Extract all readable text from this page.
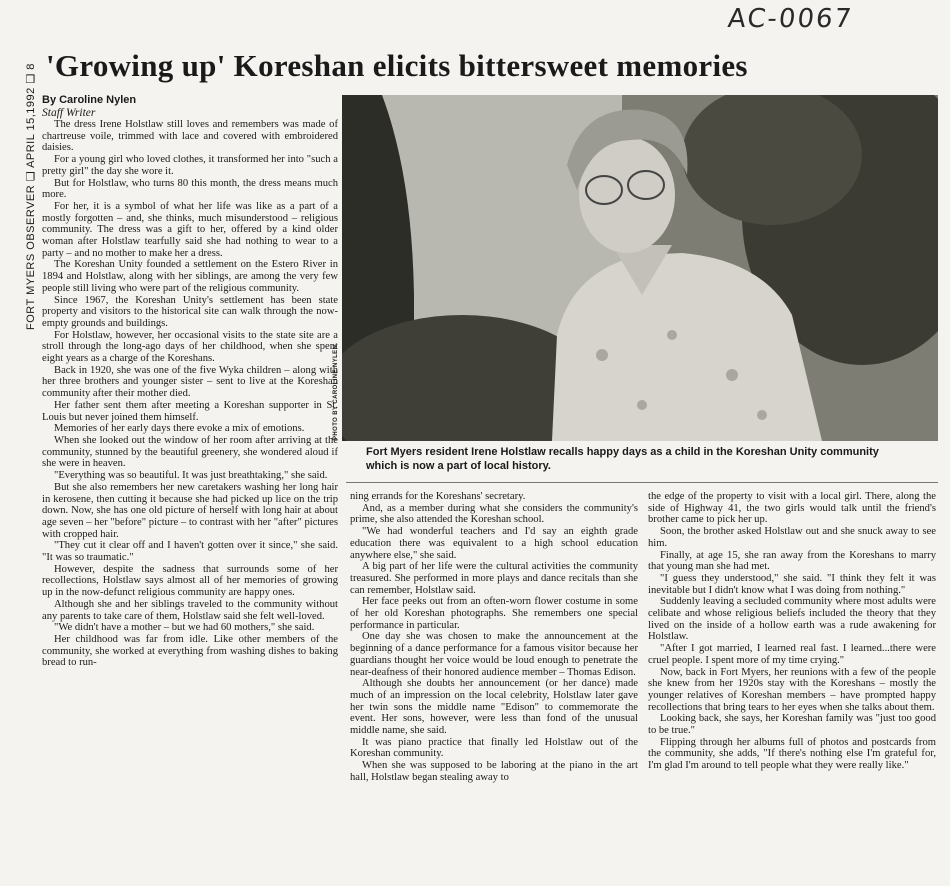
AC-0067
FORT MYERS OBSERVER ❑ APRIL 15,1992 ❑ 8 'Growing up' Koreshan elicits bittersweet memories
By Caroline Nylen
Staff Writer
PHOTO BY CAROLINE NYLEN
Fort Myers resident Irene Holstlaw recalls happy days as a child in the Koreshan Unity community which is now a part of local history.

The dress Irene Holstlaw still loves and remembers was made of chartreuse voile, trimmed with lace and covered with embroidered daisies.

For a young girl who loved clothes, it transformed her into "such a pretty girl" the day she wore it.

But for Holstlaw, who turns 80 this month, the dress means much more.

For her, it is a symbol of what her life was like as a part of a mostly forgotten – and, she thinks, much misunderstood – religious community. The dress was a gift to her, offered by a kind older woman after Holstlaw tearfully said she had nothing to wear to a party – and no mother to make her a dress.

The Koreshan Unity founded a settlement on the Estero River in 1894 and Holstlaw, along with her siblings, are among the very few people still living who were part of the religious community.

Since 1967, the Koreshan Unity's settlement has been state property and visitors to the historical site can walk through the now-empty grounds and buildings.

For Holstlaw, however, her occasional visits to the state site are a stroll through the long-ago days of her childhood, when she spent eight years as a charge of the Koreshans.

Back in 1920, she was one of the five Wyka children – along with her three brothers and younger sister – sent to live at the Koreshan community after their mother died.

Her father sent them after meeting a Koreshan supporter in St. Louis but never joined them himself.

Memories of her early days there evoke a mix of emotions.

When she looked out the window of her room after arriving at the community, stunned by the beautiful greenery, she wondered aloud if she were in heaven.

"Everything was so beautiful. It was just breathtaking," she said.

But she also remembers her new caretakers washing her long hair in kerosene, then cutting it because she had picked up lice on the trip down. Now, she has one old picture of herself with long hair at about age seven – her "before" picture – to contrast with her "after" pictures with cropped hair.

"They cut it clear off and I haven't gotten over it since," she said. "It was so traumatic."

However, despite the sadness that surrounds some of her recollections, Holstlaw says almost all of her memories of growing up in the now-defunct religious community are happy ones.

Although she and her siblings traveled to the community without any parents to take care of them, Holstlaw said she felt well-loved.

"We didn't have a mother – but we had 60 mothers," she said.

Her childhood was far from idle. Like other members of the community, she worked at everything from washing dishes to baking bread to run-

ning errands for the Koreshans' secretary.

And, as a member during what she considers the community's prime, she also attended the Koreshan school.

"We had wonderful teachers and I'd say an eighth grade education there was equivalent to a high school education anywhere else," she said.

A big part of her life were the cultural activities the community treasured. She performed in more plays and dance recitals than she can remember, Holstlaw said.

Her face peeks out from an often-worn flower costume in some of her old Koreshan photographs. She remembers one special performance in particular.

One day she was chosen to make the announcement at the beginning of a dance performance for a famous visitor because her guardians thought her voice would be loud enough to penetrate the near-deafness of their honored audience member – Thomas Edison.

Although she doubts her announcement (or her dance) made much of an impression on the local celebrity, Holstlaw later gave her twin sons the middle name "Edison" to commemorate the event. Her sons, however, were less than fond of the unusual middle name, she said.

It was piano practice that finally led Holstlaw out of the Koreshan community.

When she was supposed to be laboring at the piano in the art hall, Holstlaw began stealing away to

the edge of the property to visit with a local girl. There, along the side of Highway 41, the two girls would talk until the friend's brother came to pick her up.

Soon, the brother asked Holstlaw out and she snuck away to see him.

Finally, at age 15, she ran away from the Koreshans to marry that young man she had met.

"I guess they understood," she said. "I think they felt it was inevitable but I didn't know what I was doing from nothing."

Suddenly leaving a secluded community where most adults were celibate and whose religious beliefs included the theory that they lived on the inside of a hollow earth was a rude awakening for Holstlaw.

"After I got married, I learned real fast. I learned...there were cruel people. I spent more of my time crying."

Now, back in Fort Myers, her reunions with a few of the people she knew from her 1920s stay with the Koreshans – mostly the younger relatives of Koreshan members – have prompted happy recollections that bring tears to her eyes when she talks about them.

Looking back, she says, her Koreshan family was "just too good to be true."

Flipping through her albums full of photos and postcards from the community, she adds, "If there's nothing else I'm grateful for, I'm glad I'm around to tell people what they were really like."
